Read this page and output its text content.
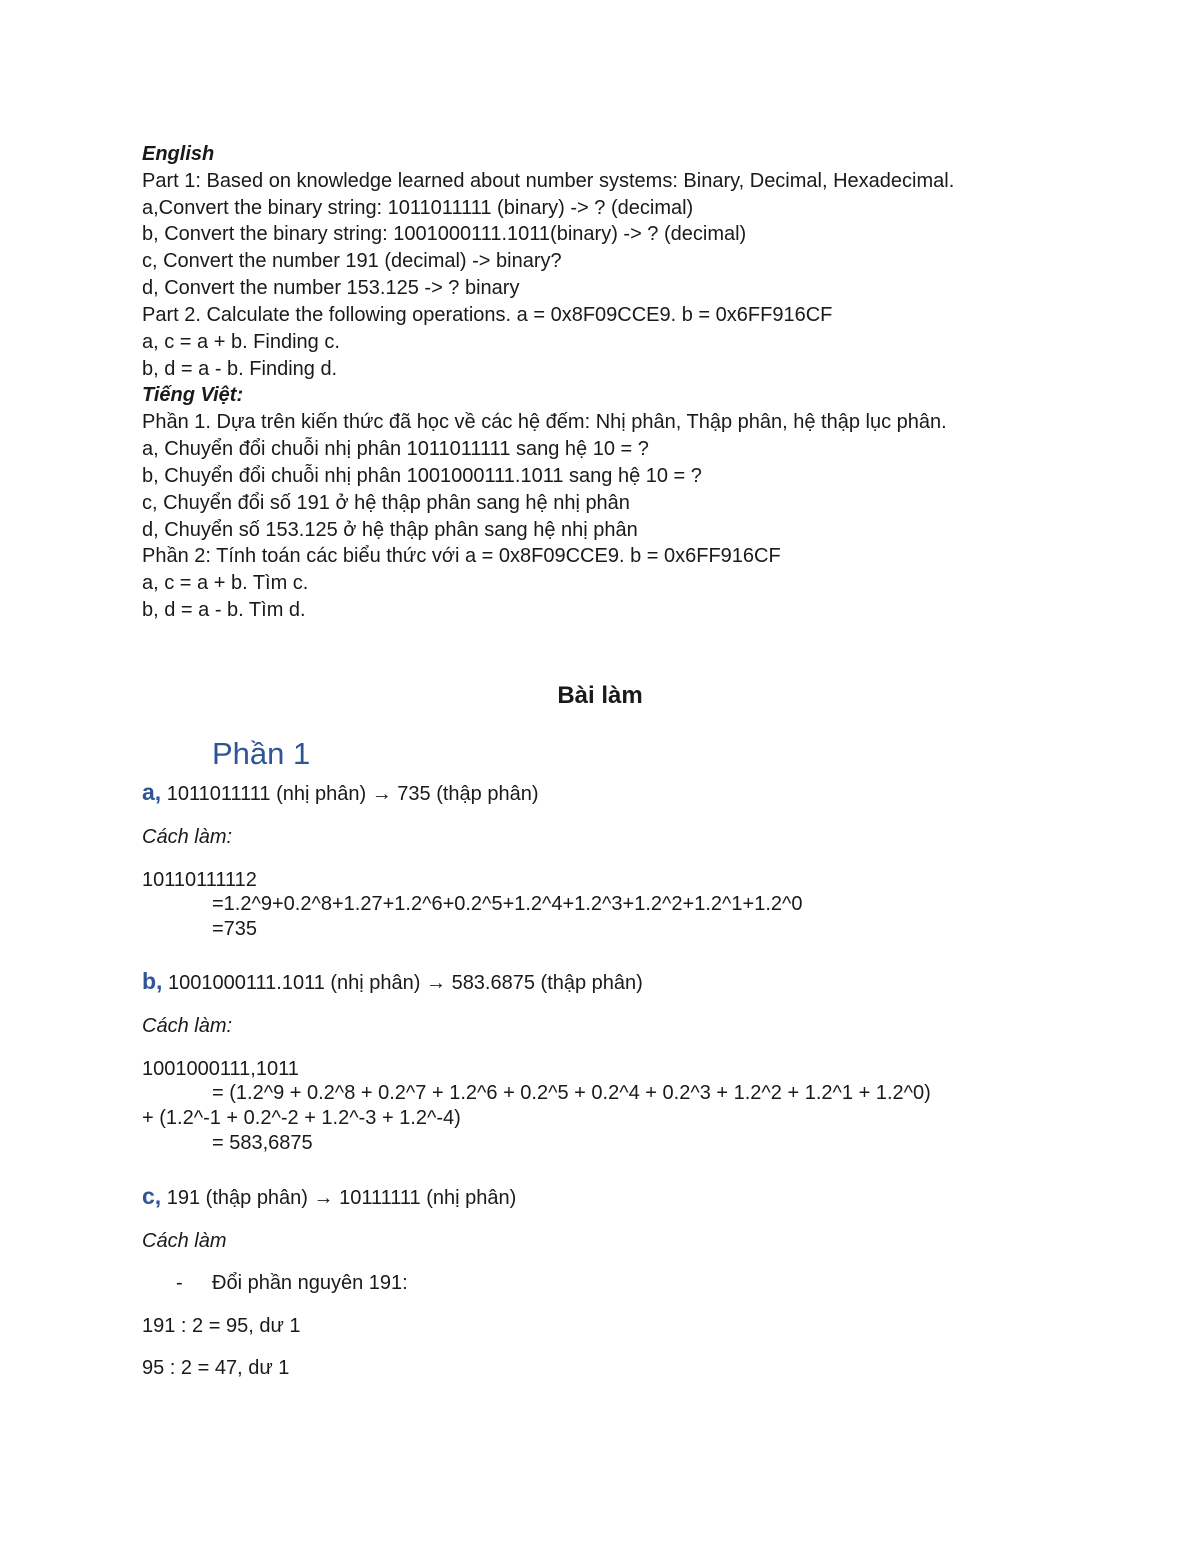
English
Part 1: Based on knowledge learned about number systems: Binary, Decimal, Hexadecimal.
a,Convert the binary string: 1011011111 (binary) -> ? (decimal)
b, Convert the binary string: 1001000111.1011(binary) -> ? (decimal)
c, Convert the number 191 (decimal) -> binary?
d, Convert the number 153.125 -> ? binary
Part 2. Calculate the following operations. a = 0x8F09CCE9. b = 0x6FF916CF
a, c = a + b. Finding c.
b, d = a - b. Finding d.
Tiếng Việt:
Phần 1. Dựa trên kiến thức đã học về các hệ đếm: Nhị phân, Thập phân, hệ thập lục phân.
a, Chuyển đổi chuỗi nhị phân 1011011111 sang hệ 10 = ?
b, Chuyển đổi chuỗi nhị phân 1001000111.1011 sang hệ 10 = ?
c, Chuyển đổi số 191 ở hệ thập phân sang hệ nhị phân
d, Chuyển số 153.125 ở hệ thập phân sang hệ nhị phân
Phần 2: Tính toán các biểu thức với a = 0x8F09CCE9. b = 0x6FF916CF
a, c = a + b. Tìm c.
b, d = a - b. Tìm d.
Bài làm
Phần 1
a, 1011011111 (nhị phân) → 735 (thập phân)
Cách làm:
10110111112
=1.2^9+0.2^8+1.27+1.2^6+0.2^5+1.2^4+1.2^3+1.2^2+1.2^1+1.2^0
=735
b, 1001000111.1011 (nhị phân) → 583.6875 (thập phân)
Cách làm:
1001000111,1011
= (1.2^9 + 0.2^8 + 0.2^7 + 1.2^6 + 0.2^5 + 0.2^4 + 0.2^3 + 1.2^2 + 1.2^1 + 1.2^0)
+ (1.2^-1 + 0.2^-2 + 1.2^-3 + 1.2^-4)
= 583,6875
c, 191 (thập phân) → 10111111 (nhị phân)
Cách làm
- Đổi phần nguyên 191:
191 : 2 = 95, dư 1
95 : 2 = 47, dư 1
